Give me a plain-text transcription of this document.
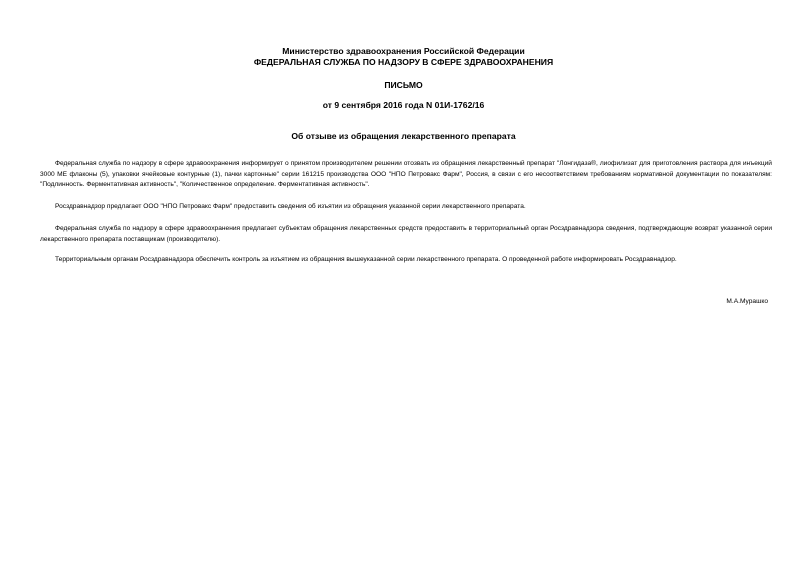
Министерство здравоохранения Российской Федерации
ФЕДЕРАЛЬНАЯ СЛУЖБА ПО НАДЗОРУ В СФЕРЕ ЗДРАВООХРАНЕНИЯ
ПИСЬМО
от 9 сентября 2016 года N 01И-1762/16
Об отзыве из обращения лекарственного препарата

Федеральная служба по надзору в сфере здравоохранения информирует о принятом производителем решении отозвать из обращения лекарственный препарат "Лонгидаза®, лиофилизат для приготовления раствора для инъекций 3000 МЕ флаконы (5), упаковки ячейковые контурные (1), пачки картонные" серии 161215 производства ООО "НПО Петровакс Фарм", Россия, в связи с его несоответствием требованиям нормативной документации по показателям: "Подлинность. Ферментативная активность", "Количественное определение. Ферментативная активность".

Росздравнадзор предлагает ООО "НПО Петровакс Фарм" предоставить сведения об изъятии из обращения указанной серии лекарственного препарата.

Федеральная служба по надзору в сфере здравоохранения предлагает субъектам обращения лекарственных средств предоставить в территориальный орган Росздравнадзора сведения, подтверждающие возврат указанной серии лекарственного препарата поставщикам (производителю).

Территориальным органам Росздравнадзора обеспечить контроль за изъятием из обращения вышеуказанной серии лекарственного препарата. О проведенной работе информировать Росздравнадзор.

М.А.Мурашко
